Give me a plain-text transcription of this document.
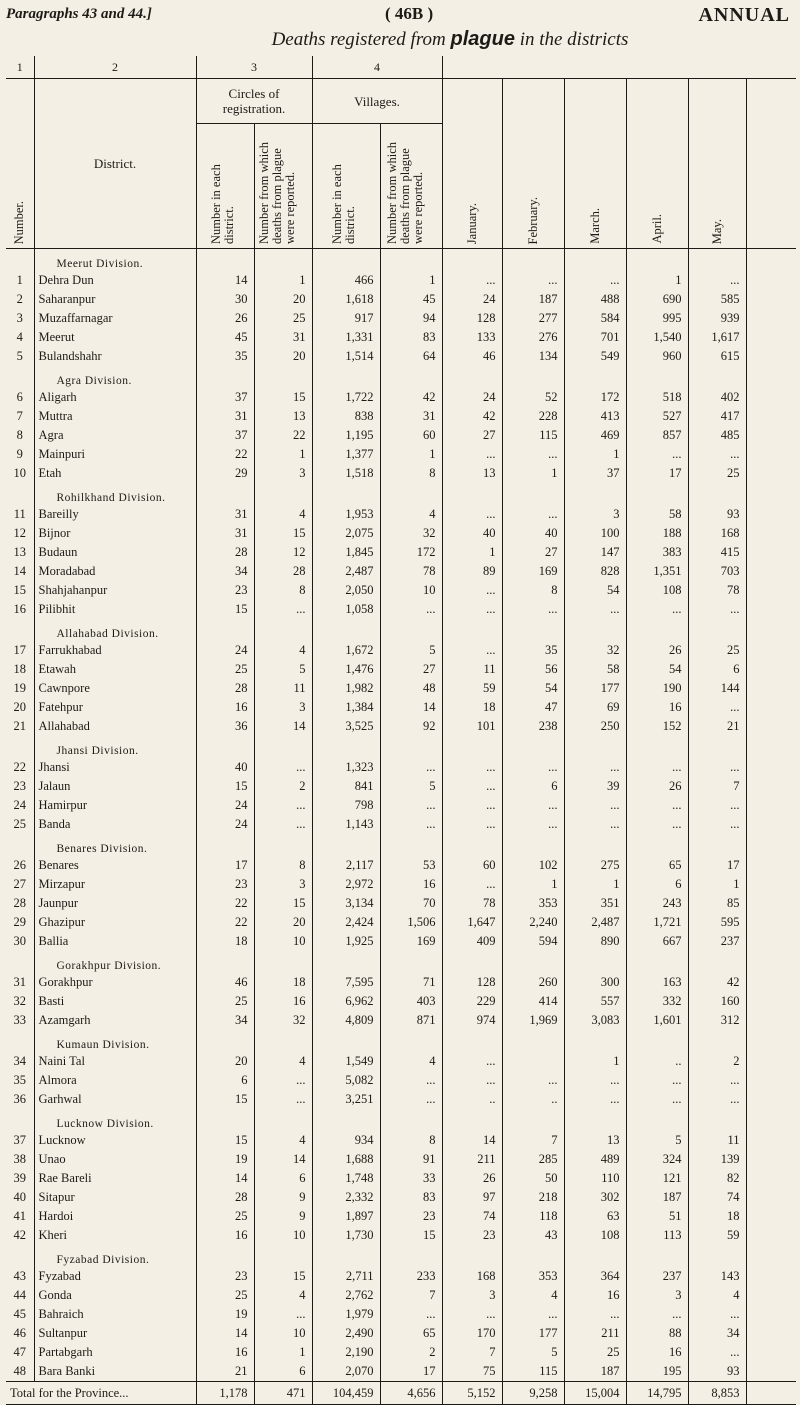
Paragraphs 43 and 44.]	( 46B )	ANNUAL
Deaths registered from plague in the districts
1	2	3		4							

Number.	District.	Circles of registration.		Villages.		January.	February.	March.	April.	May.	

		Number in each district.	Number from which deaths from plague were reported.	Number in each district.	Number from which deaths from plague were reported.						

	Meerut Division.										
1	Dehra Dun	14	1	466	1	...	...	...	1	...	
2	Saharanpur	30	20	1,618	45	24	187	488	690	585	
3	Muzaffarnagar	26	25	917	94	128	277	584	995	939	
4	Meerut	45	31	1,331	83	133	276	701	1,540	1,617	
5	Bulandshahr	35	20	1,514	64	46	134	549	960	615	
	Agra Division.										
6	Aligarh	37	15	1,722	42	24	52	172	518	402	
7	Muttra	31	13	838	31	42	228	413	527	417	
8	Agra	37	22	1,195	60	27	115	469	857	485	
9	Mainpuri	22	1	1,377	1	...	...	1	...	...	
10	Etah	29	3	1,518	8	13	1	37	17	25	
	Rohilkhand Division.										
11	Bareilly	31	4	1,953	4	...	...	3	58	93	
12	Bijnor	31	15	2,075	32	40	40	100	188	168	
13	Budaun	28	12	1,845	172	1	27	147	383	415	
14	Moradabad	34	28	2,487	78	89	169	828	1,351	703	
15	Shahjahanpur	23	8	2,050	10	...	8	54	108	78	
16	Pilibhit	15	...	1,058	...	...	...	...	...	...	
	Allahabad Division.										
17	Farrukhabad	24	4	1,672	5	...	35	32	26	25	
18	Etawah	25	5	1,476	27	11	56	58	54	6	
19	Cawnpore	28	11	1,982	48	59	54	177	190	144	
20	Fatehpur	16	3	1,384	14	18	47	69	16	...	
21	Allahabad	36	14	3,525	92	101	238	250	152	21	
	Jhansi Division.										
22	Jhansi	40	...	1,323	...	...	...	...	...	...	
23	Jalaun	15	2	841	5	...	6	39	26	7	
24	Hamirpur	24	...	798	...	...	...	...	...	...	
25	Banda	24	...	1,143	...	...	...	...	...	...	
	Benares Division.										
26	Benares	17	8	2,117	53	60	102	275	65	17	
27	Mirzapur	23	3	2,972	16	...	1	1	6	1	
28	Jaunpur	22	15	3,134	70	78	353	351	243	85	
29	Ghazipur	22	20	2,424	1,506	1,647	2,240	2,487	1,721	595	
30	Ballia	18	10	1,925	169	409	594	890	667	237	
	Gorakhpur Division.										
31	Gorakhpur	46	18	7,595	71	128	260	300	163	42	
32	Basti	25	16	6,962	403	229	414	557	332	160	
33	Azamgarh	34	32	4,809	871	974	1,969	3,083	1,601	312	
	Kumaun Division.										
34	Naini Tal	20	4	1,549	4	...		1	..	2	
35	Almora	6	...	5,082	...	...	...	...	...	...	
36	Garhwal	15	...	3,251	...	..	..	...	...	...	
	Lucknow Division.										
37	Lucknow	15	4	934	8	14	7	13	5	11	
38	Unao	19	14	1,688	91	211	285	489	324	139	
39	Rae Bareli	14	6	1,748	33	26	50	110	121	82	
40	Sitapur	28	9	2,332	83	97	218	302	187	74	
41	Hardoi	25	9	1,897	23	74	118	63	51	18	
42	Kheri	16	10	1,730	15	23	43	108	113	59	
	Fyzabad Division.										
43	Fyzabad	23	15	2,711	233	168	353	364	237	143	
44	Gonda	25	4	2,762	7	3	4	16	3	4	
45	Bahraich	19	...	1,979	...	...	...	...	...	...	
46	Sultanpur	14	10	2,490	65	170	177	211	88	34	
47	Partabgarh	16	1	2,190	2	7	5	25	16	...	
48	Bara Banki	21	6	2,070	17	75	115	187	195	93	
Total for the Province...		1,178	471	104,459	4,656	5,152	9,258	15,004	14,795	8,853	
